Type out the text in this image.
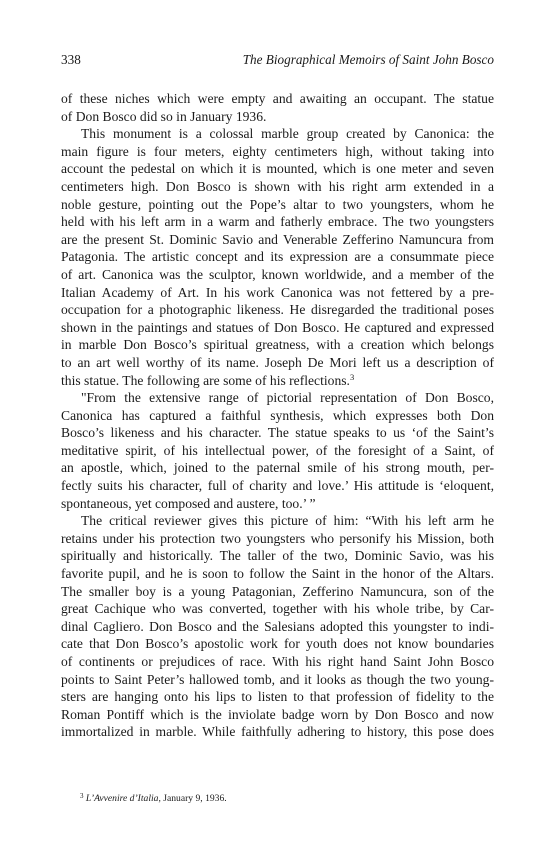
338	The Biographical Memoirs of Saint John Bosco
of these niches which were empty and awaiting an occupant. The statue
of Don Bosco did so in January 1936.
This monument is a colossal marble group created by Canonica: the
main figure is four meters, eighty centimeters high, without taking into
account the pedestal on which it is mounted, which is one meter and seven
centimeters high. Don Bosco is shown with his right arm extended in a
noble gesture, pointing out the Pope’s altar to two youngsters, whom he
held with his left arm in a warm and fatherly embrace. The two youngsters
are the present St. Dominic Savio and Venerable Zefferino Namuncura from
Patagonia. The artistic concept and its expression are a consummate piece
of art. Canonica was the sculptor, known worldwide, and a member of the
Italian Academy of Art. In his work Canonica was not fettered by a pre-
occupation for a photographic likeness. He disregarded the traditional poses
shown in the paintings and statues of Don Bosco. He captured and expressed
in marble Don Bosco’s spiritual greatness, with a creation which belongs
to an art well worthy of its name. Joseph De Mori left us a description of
this statue. The following are some of his reflections.$^3$
"From the extensive range of pictorial representation of Don Bosco,
Canonica has captured a faithful synthesis, which expresses both Don
Bosco’s likeness and his character. The statue speaks to us ‘of the Saint’s
meditative spirit, of his intellectual power, of the foresight of a Saint, of
an apostle, which, joined to the paternal smile of his strong mouth, per-
fectly suits his character, full of charity and love.’ His attitude is ‘eloquent,
spontaneous, yet composed and austere, too.’ ”
The critical reviewer gives this picture of him: “With his left arm he
retains under his protection two youngsters who personify his Mission, both
spiritually and historically. The taller of the two, Dominic Savio, was his
favorite pupil, and he is soon to follow the Saint in the honor of the Altars.
The smaller boy is a young Patagonian, Zefferino Namuncura, son of the
great Cachique who was converted, together with his whole tribe, by Car-
dinal Cagliero. Don Bosco and the Salesians adopted this youngster to indi-
cate that Don Bosco’s apostolic work for youth does not know boundaries
of continents or prejudices of race. With his right hand Saint John Bosco
points to Saint Peter’s hallowed tomb, and it looks as though the two young-
sters are hanging onto his lips to listen to that profession of fidelity to the
Roman Pontiff which is the inviolate badge worn by Don Bosco and now
immortalized in marble. While faithfully adhering to history, this pose does
$^3$ L’Avvenire d’Italia, January 9, 1936.
